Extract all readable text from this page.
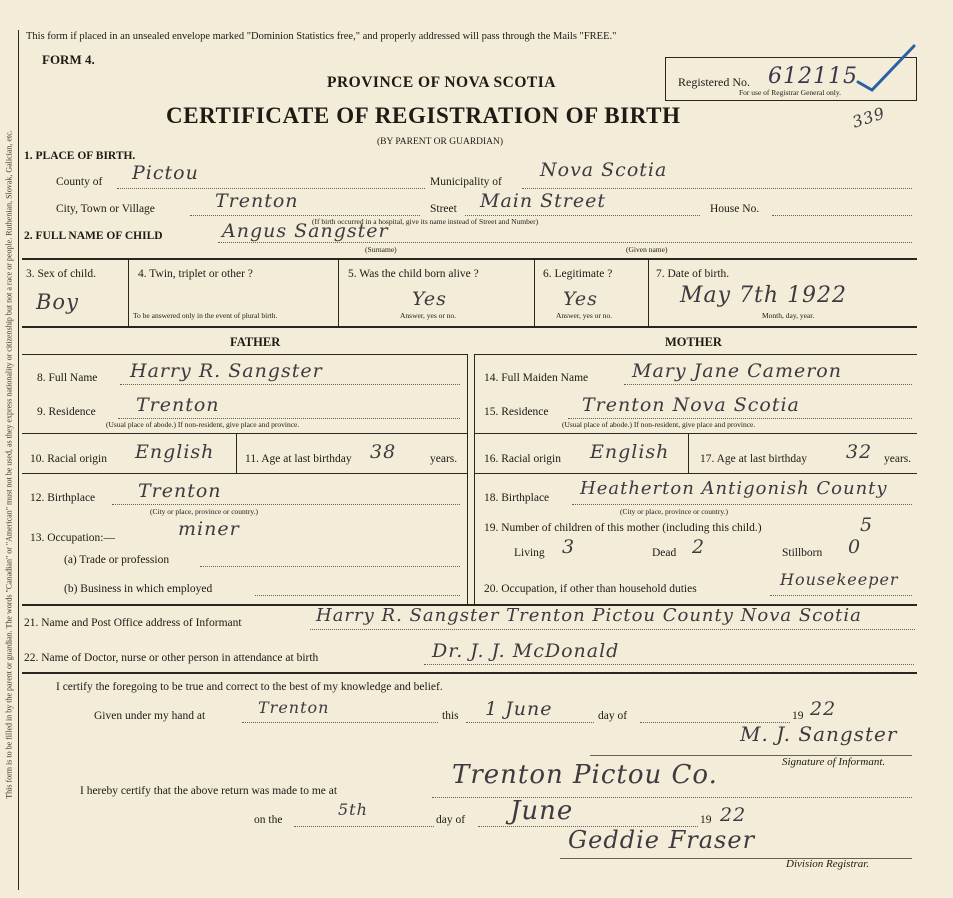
This form is to be filled in by the parent or guardian. The words "Canadian" or "American" must not be used, as they express nationality or citizenship but not a race or people. Ruthenian, Slovak, Galician, etc.
This form if placed in an unsealed envelope marked "Dominion Statistics free," and properly addressed will pass through the Mails "FREE."
FORM 4.
PROVINCE OF NOVA SCOTIA
CERTIFICATE OF REGISTRATION OF BIRTH
(BY PARENT OR GUARDIAN)
Registered No. 612115
For use of Registrar General only.
339
1. PLACE OF BIRTH.
County of Pictou	Municipality of
Nova Scotia
City, Town or Village	Trenton	Street Main Street	House No.
(If birth occurred in a hospital, give its name instead of Street and Number)
2. FULL NAME OF CHILD	Angus Sangster
(Surname)	(Given name)
3. Sex of child.
Boy
4. Twin, triplet or other ?
To be answered only in the event of plural birth.
5. Was the child born alive ?
Yes
Answer, yes or no.
6. Legitimate ?
Yes
Answer, yes or no.
7. Date of birth.
May 7th 1922
Month, day, year.
FATHER	MOTHER
8. Full Name Harry R. Sangster
9. Residence Trenton
(Usual place of abode.) If non-resident, give place and province.
10. Racial origin English	11. Age at last birthday 38	years.
12. Birthplace Trenton
(City or place, province or country.)
13. Occupation:—	miner
(a) Trade or profession
(b) Business in which employed
14. Full Maiden Name Mary Jane Cameron
15. Residence Trenton Nova Scotia
(Usual place of abode.) If non-resident, give place and province.
16. Racial origin English	17. Age at last birthday 32 years.
18. Birthplace Heatherton Antigonish County
(City or place, province or country.)
19. Number of children of this mother (including this child.)	5
Living 3	Dead 2	Stillborn 0
20. Occupation, if other than household duties	Housekeeper
21. Name and Post Office address of Informant	Harry R. Sangster Trenton Pictou County Nova Scotia
22. Name of Doctor, nurse or other person in attendance at birth	Dr. J. J. McDonald
I certify the foregoing to be true and correct to the best of my knowledge and belief.
Given under my hand at	Trenton	this 1 June	day of	19 22
M. J. Sangster
Signature of Informant.
I hereby certify that the above return was made to me at
Trenton Pictou Co.
on the
5th
day of June	19 22
Geddie Fraser
Division Registrar.
